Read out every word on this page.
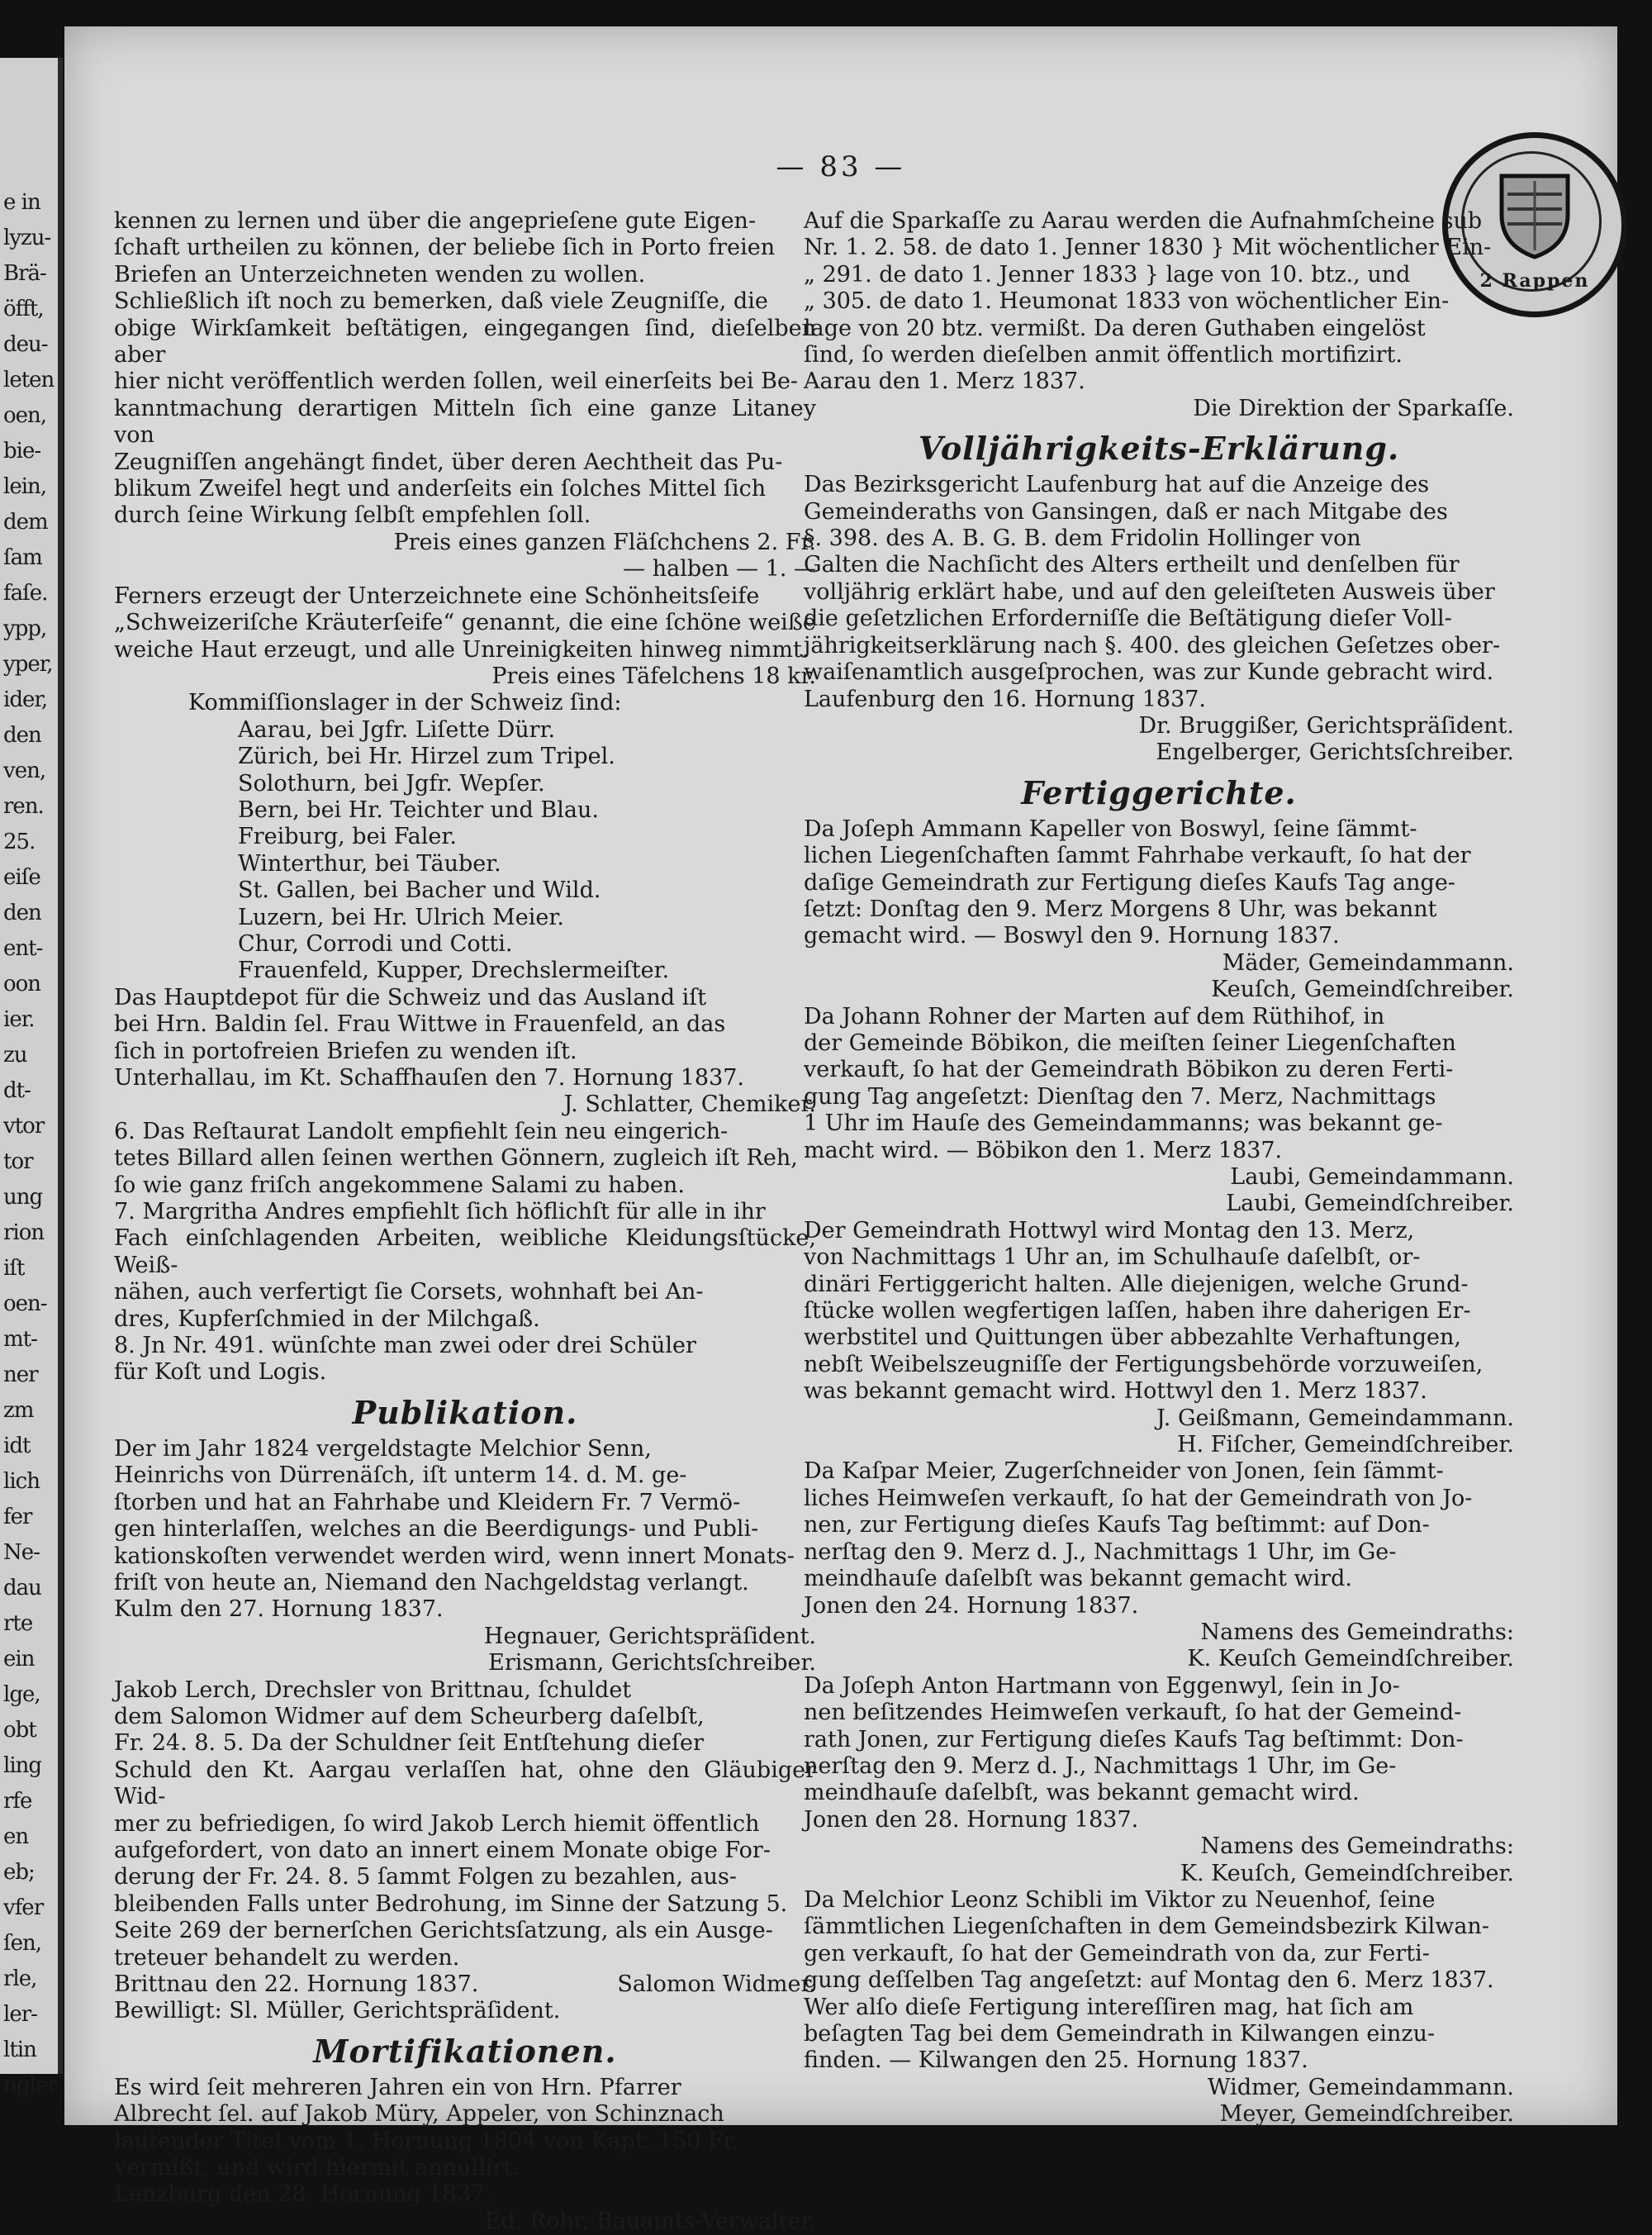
e in
lyzu-
Brä-
öfft,
deu-
leten
oen,
bie-
lein,
dem
ſam
faſe.
ypp,
yper,
ider,
den
ven,
ren.
25.
eiſe
den
ent-
oon
ier.
zu
dt-
vtor
tor
ung
rion
iſt
oen-
mt-
ner
zm
idt
lich
fer
Ne-
dau
rte
ein
lge,
obt
ling
rfe
en
eb;
vfer
ſen,
rle,
ler-
ltin
ngler
— 83 —
2 Rappen

kennen zu lernen und über die angeprieſene gute Eigen-

ſchaft urtheilen zu können, der beliebe ſich in Porto freien

Briefen an Unterzeichneten wenden zu wollen.

Schließlich iſt noch zu bemerken, daß viele Zeugniſſe, die

obige Wirkſamkeit beſtätigen, eingegangen ſind, dieſelben aber

hier nicht veröffentlich werden ſollen, weil einerſeits bei Be-

kanntmachung derartigen Mitteln ſich eine ganze Litaney von

Zeugniſſen angehängt findet, über deren Aechtheit das Pu-

blikum Zweifel hegt und anderſeits ein ſolches Mittel ſich

durch ſeine Wirkung ſelbſt empfehlen ſoll.

Preis eines ganzen Fläſchchens 2. Fr.

— halben — 1. —

Ferners erzeugt der Unterzeichnete eine Schönheitsſeife

„Schweizeriſche Kräuterſeife“ genannt, die eine ſchöne weiße

weiche Haut erzeugt, und alle Unreinigkeiten hinweg nimmt.

Preis eines Täfelchens 18 kr.

Kommiſſionslager in der Schweiz ſind:

Aarau, bei Jgfr. Liſette Dürr.

Zürich, bei Hr. Hirzel zum Tripel.

Solothurn, bei Jgfr. Wepſer.

Bern, bei Hr. Teichter und Blau.

Freiburg, bei Faler.

Winterthur, bei Täuber.

St. Gallen, bei Bacher und Wild.

Luzern, bei Hr. Ulrich Meier.

Chur, Corrodi und Cotti.

Frauenfeld, Kupper, Drechslermeiſter.

Das Hauptdepot für die Schweiz und das Ausland iſt

bei Hrn. Baldin ſel. Frau Wittwe in Frauenfeld, an das

ſich in portofreien Briefen zu wenden iſt.

Unterhallau, im Kt. Schaffhauſen den 7. Hornung 1837.

J. Schlatter, Chemiker.

6. Das Reſtaurat Landolt empfiehlt ſein neu eingerich-

tetes Billard allen ſeinen werthen Gönnern, zugleich iſt Reh,

ſo wie ganz friſch angekommene Salami zu haben.

7. Margritha Andres empfiehlt ſich höflichſt für alle in ihr

Fach einſchlagenden Arbeiten, weibliche Kleidungsſtücke, Weiß-

nähen, auch verfertigt ſie Corsets, wohnhaft bei An-

dres, Kupferſchmied in der Milchgaß.

8. Jn Nr. 491. wünſchte man zwei oder drei Schüler

für Koſt und Logis.

Publikation.

Der im Jahr 1824 vergeldstagte Melchior Senn,

Heinrichs von Dürrenäſch, iſt unterm 14. d. M. ge-

ſtorben und hat an Fahrhabe und Kleidern Fr. 7 Vermö-

gen hinterlaſſen, welches an die Beerdigungs- und Publi-

kationskoſten verwendet werden wird, wenn innert Monats-

friſt von heute an, Niemand den Nachgeldstag verlangt.

Kulm den 27. Hornung 1837.

Hegnauer, Gerichtspräſident.

Erismann, Gerichtsſchreiber.

Jakob Lerch, Drechsler von Brittnau, ſchuldet

dem Salomon Widmer auf dem Scheurberg daſelbſt,

Fr. 24. 8. 5. Da der Schuldner ſeit Entſtehung dieſer

Schuld den Kt. Aargau verlaſſen hat, ohne den Gläubiger Wid-

mer zu befriedigen, ſo wird Jakob Lerch hiemit öffentlich

aufgefordert, von dato an innert einem Monate obige For-

derung der Fr. 24. 8. 5 ſammt Folgen zu bezahlen, aus-

bleibenden Falls unter Bedrohung, im Sinne der Satzung 5.

Seite 269 der bernerſchen Gerichtsſatzung, als ein Ausge-

treteuer behandelt zu werden.

Brittnau den 22. Hornung 1837.	Salomon Widmer.

Bewilligt: Sl. Müller, Gerichtspräſident.

Mortifikationen.

Es wird ſeit mehreren Jahren ein von Hrn. Pfarrer

Albrecht ſel. auf Jakob Müry, Appeler, von Schinznach

lautender Titel vom 1. Hornung 1804 von Kapt. 150 Fr.

vermißt, und wird hiermit annullirt.

Lenzburg den 28. Hornung 1837.

Ed. Rohr, Bauamts-Verwalter.

Auf die Sparkaſſe zu Aarau werden die Aufnahmſcheine sub

Nr. 1. 2. 58. de dato 1. Jenner 1830 } Mit wöchentlicher Ein-

„ 291. de dato 1. Jenner 1833 } lage von 10. btz., und

„ 305. de dato 1. Heumonat 1833 von wöchentlicher Ein-

lage von 20 btz. vermißt. Da deren Guthaben eingelöst

ſind, ſo werden dieſelben anmit öffentlich mortifizirt.

Aarau den 1. Merz 1837.

Die Direktion der Sparkaſſe.

Volljährigkeits-Erklärung.

Das Bezirksgericht Laufenburg hat auf die Anzeige des

Gemeinderaths von Gansingen, daß er nach Mitgabe des

§. 398. des A. B. G. B. dem Fridolin Hollinger von

Galten die Nachſicht des Alters ertheilt und denſelben für

volljährig erklärt habe, und auf den geleiſteten Ausweis über

die geſetzlichen Erforderniſſe die Beſtätigung dieſer Voll-

jährigkeitserklärung nach §. 400. des gleichen Geſetzes ober-

waiſenamtlich ausgeſprochen, was zur Kunde gebracht wird.

Laufenburg den 16. Hornung 1837.

Dr. Bruggißer, Gerichtspräſident.

Engelberger, Gerichtsſchreiber.

Fertiggerichte.

Da Joſeph Ammann Kapeller von Boswyl, ſeine ſämmt-

lichen Liegenſchaften ſammt Fahrhabe verkauft, ſo hat der

daſige Gemeindrath zur Fertigung dieſes Kaufs Tag ange-

ſetzt: Donſtag den 9. Merz Morgens 8 Uhr, was bekannt

gemacht wird. — Boswyl den 9. Hornung 1837.

Mäder, Gemeindammann.

Keuſch, Gemeindſchreiber.

Da Johann Rohner der Marten auf dem Rüthihof, in

der Gemeinde Böbikon, die meiſten ſeiner Liegenſchaften

verkauft, ſo hat der Gemeindrath Böbikon zu deren Ferti-

gung Tag angeſetzt: Dienſtag den 7. Merz, Nachmittags

1 Uhr im Hauſe des Gemeindammanns; was bekannt ge-

macht wird. — Böbikon den 1. Merz 1837.

Laubi, Gemeindammann.

Laubi, Gemeindſchreiber.

Der Gemeindrath Hottwyl wird Montag den 13. Merz,

von Nachmittags 1 Uhr an, im Schulhauſe daſelbſt, or-

dinäri Fertiggericht halten. Alle diejenigen, welche Grund-

ſtücke wollen wegfertigen laſſen, haben ihre daherigen Er-

werbstitel und Quittungen über abbezahlte Verhaftungen,

nebſt Weibelszeugniſſe der Fertigungsbehörde vorzuweiſen,

was bekannt gemacht wird. Hottwyl den 1. Merz 1837.

J. Geißmann, Gemeindammann.

H. Fiſcher, Gemeindſchreiber.

Da Kaſpar Meier, Zugerſchneider von Jonen, ſein ſämmt-

liches Heimweſen verkauft, ſo hat der Gemeindrath von Jo-

nen, zur Fertigung dieſes Kaufs Tag beſtimmt: auf Don-

nerſtag den 9. Merz d. J., Nachmittags 1 Uhr, im Ge-

meindhauſe daſelbſt was bekannt gemacht wird.

Jonen den 24. Hornung 1837.

Namens des Gemeindraths:

K. Keuſch Gemeindſchreiber.

Da Joſeph Anton Hartmann von Eggenwyl, ſein in Jo-

nen beſitzendes Heimweſen verkauft, ſo hat der Gemeind-

rath Jonen, zur Fertigung dieſes Kaufs Tag beſtimmt: Don-

nerſtag den 9. Merz d. J., Nachmittags 1 Uhr, im Ge-

meindhauſe daſelbſt, was bekannt gemacht wird.

Jonen den 28. Hornung 1837.

Namens des Gemeindraths:

K. Keuſch, Gemeindſchreiber.

Da Melchior Leonz Schibli im Viktor zu Neuenhof, ſeine

ſämmtlichen Liegenſchaften in dem Gemeindsbezirk Kilwan-

gen verkauft, ſo hat der Gemeindrath von da, zur Ferti-

gung deſſelben Tag angeſetzt: auf Montag den 6. Merz 1837.

Wer alſo dieſe Fertigung intereſſiren mag, hat ſich am

beſagten Tag bei dem Gemeindrath in Kilwangen einzu-

finden. — Kilwangen den 25. Hornung 1837.

Widmer, Gemeindammann.

Meyer, Gemeindſchreiber.
